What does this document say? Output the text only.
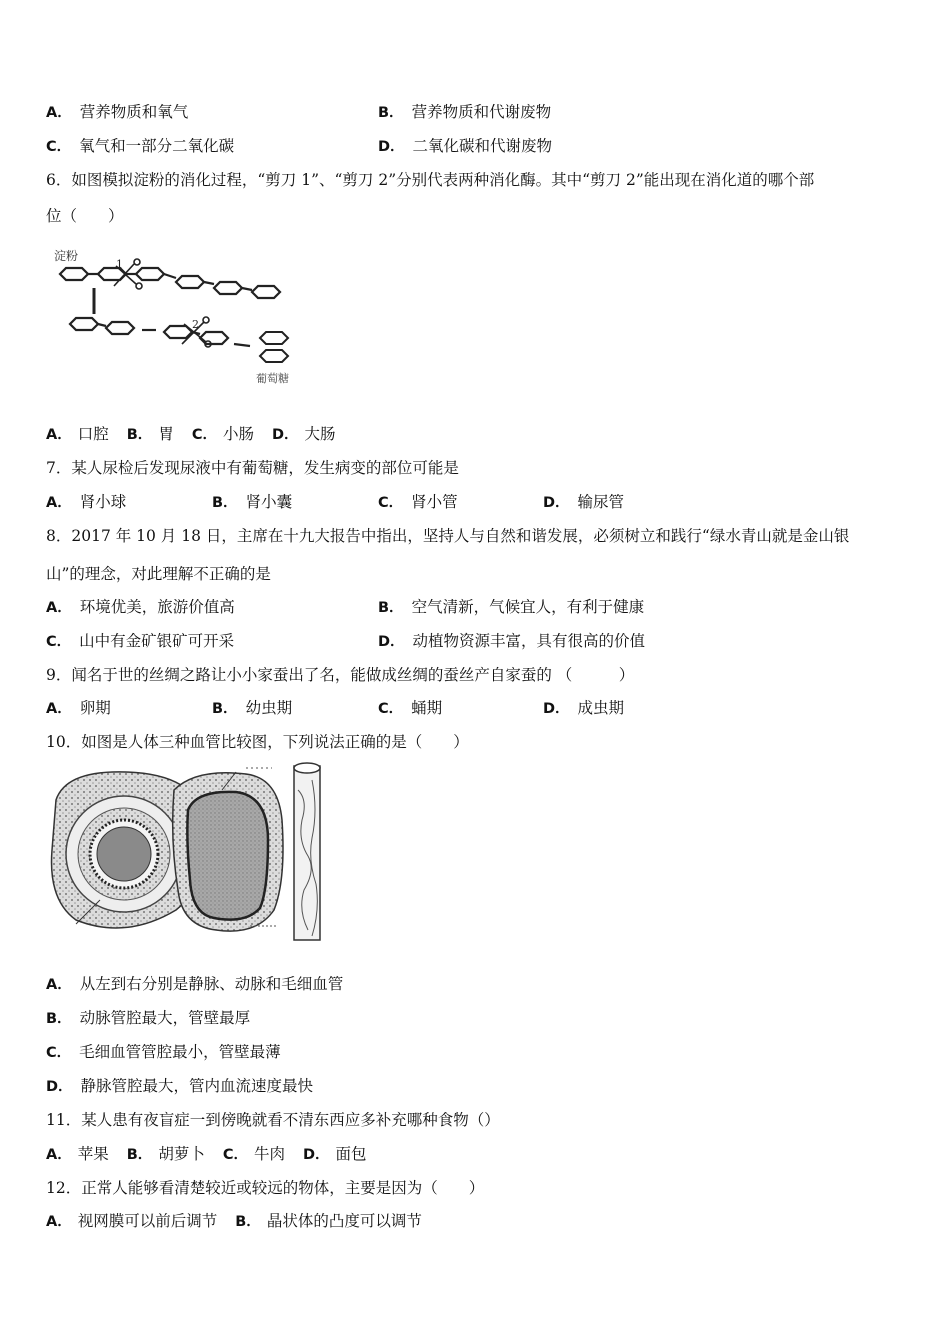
A． 营养物质和氧气	B． 营养物质和代谢废物
C． 氧气和一部分二氧化碳	D． 二氧化碳和代谢废物
6．如图模拟淀粉的消化过程，“剪刀 1”、“剪刀 2”分别代表两种消化酶。其中“剪刀 2”能出现在消化道的哪个部
位（　　）
淀粉
1
2
葡萄糖
A． 口腔 B． 胃 C． 小肠 D． 大肠
7．某人尿检后发现尿液中有葡萄糖，发生病变的部位可能是
A． 肾小球	B． 肾小囊	C． 肾小管	D． 输尿管
8．2017 年 10 月 18 日，主席在十九大报告中指出，坚持人与自然和谐发展，必须树立和践行“绿水青山就是金山银
山”的理念，对此理解不正确的是
A． 环境优美，旅游价值高	B． 空气清新，气候宜人，有利于健康
C． 山中有金矿银矿可开采	D． 动植物资源丰富，具有很高的价值
9．闻名于世的丝绸之路让小小家蚕出了名，能做成丝绸的蚕丝产自家蚕的 （　　　）
A． 卵期	B． 幼虫期	C． 蛹期	D． 成虫期
10．如图是人体三种血管比较图，下列说法正确的是（　　）
A． 从左到右分别是静脉、动脉和毛细血管
B． 动脉管腔最大，管壁最厚
C． 毛细血管管腔最小，管壁最薄
D． 静脉管腔最大，管内血流速度最快
11．某人患有夜盲症一到傍晚就看不清东西应多补充哪种食物（）
A． 苹果 B． 胡萝卜 C． 牛肉 D． 面包
12．正常人能够看清楚较近或较远的物体，主要是因为（　　）
A． 视网膜可以前后调节 B． 晶状体的凸度可以调节
